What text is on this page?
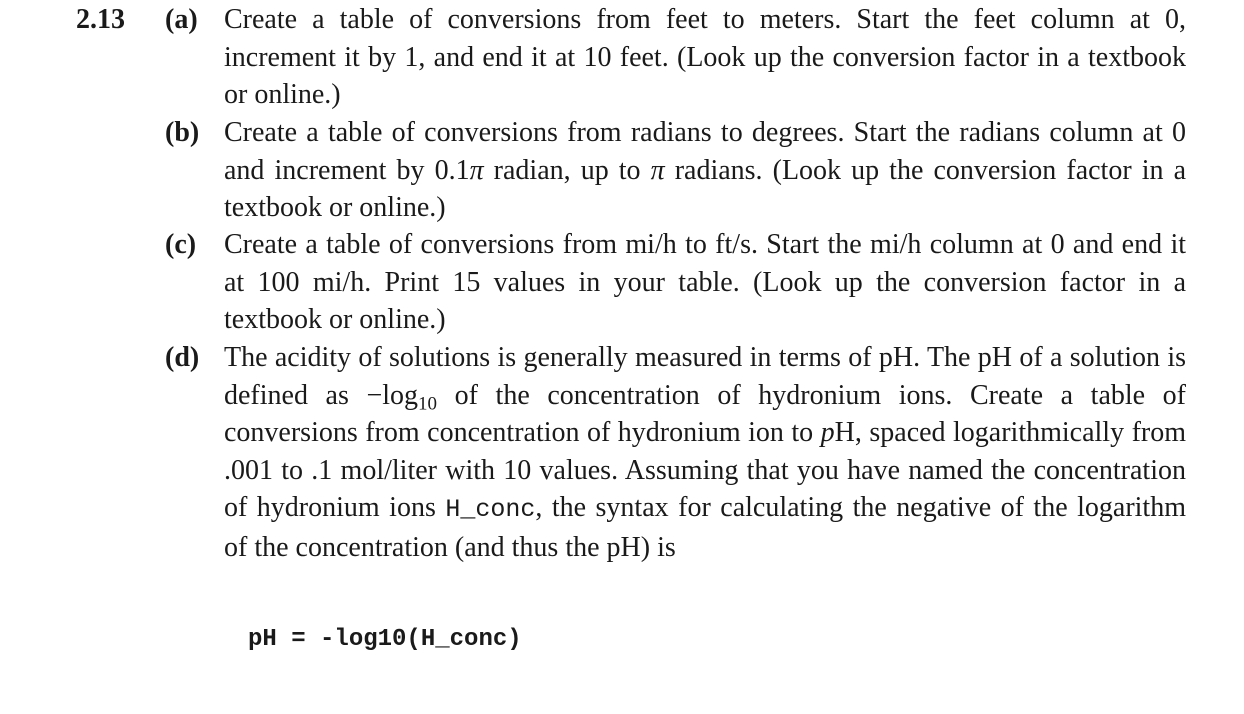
2.13 (a) Create a table of conversions from feet to meters. Start the feet column at 0, increment it by 1, and end it at 10 feet. (Look up the conversion factor in a textbook or online.)
(b) Create a table of conversions from radians to degrees. Start the radians column at 0 and increment by 0.1π radian, up to π radians. (Look up the conversion factor in a textbook or online.)
(c) Create a table of conversions from mi/h to ft/s. Start the mi/h column at 0 and end it at 100 mi/h. Print 15 values in your table. (Look up the conversion factor in a textbook or online.)
(d) The acidity of solutions is generally measured in terms of pH. The pH of a solution is defined as $-\log_{10}$ of the concentration of hydronium ions. Create a table of conversions from concentration of hydronium ion to pH, spaced logarithmically from .001 to .1 mol/liter with 10 values. Assuming that you have named the concentration of hydronium ions H_conc, the syntax for calculating the negative of the logarithm of the concentration (and thus the pH) is
pH = -log10(H_conc)
